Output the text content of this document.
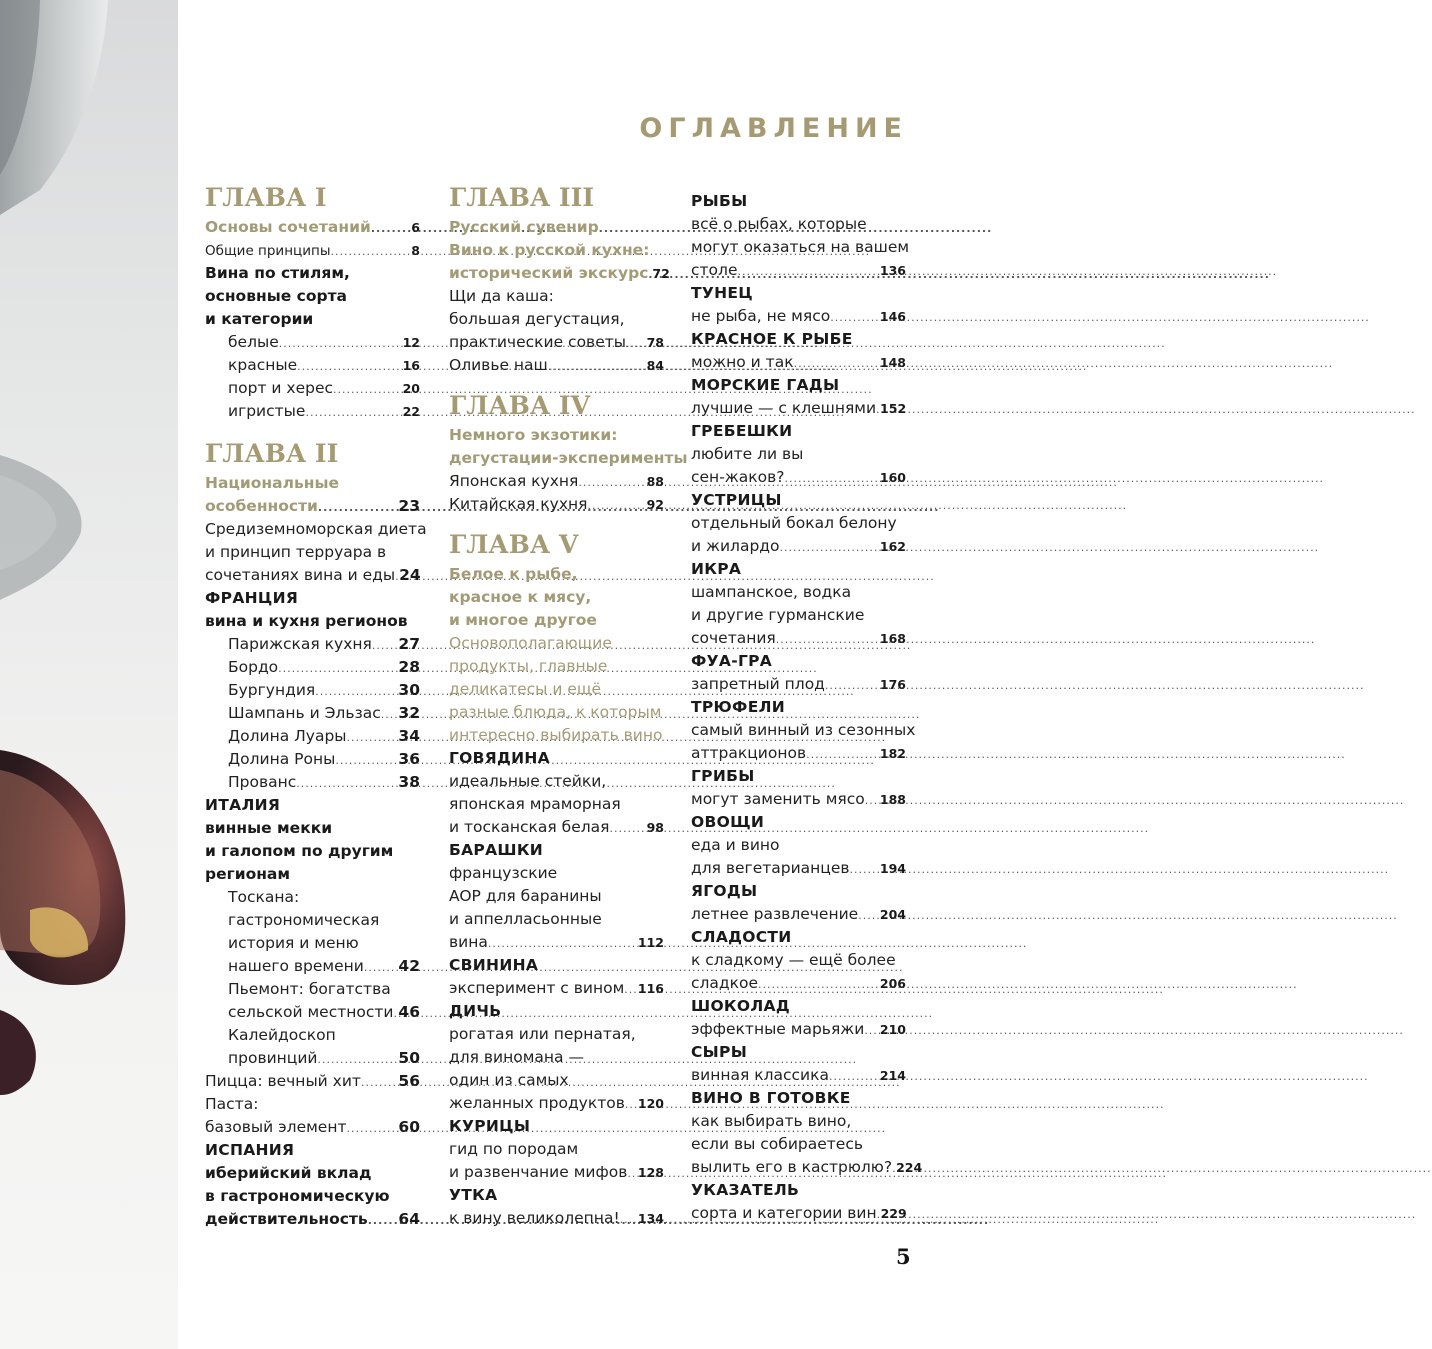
ОГЛАВЛЕНИЕ
ГЛАВА I
Основы сочетаний .....	6
Общие принципы .....	8
Вина по стилям,
основные сорта
и категории
белые .....	12
красные .....	16
порт и херес .....	20
игристые .....	22
ГЛАВА II
Национальные
особенности .....	23
Средиземноморская диета
и принцип терруара в
сочетаниях вина и еды ..... 24
ФРАНЦИЯ
вина и кухня регионов
Парижская кухня ..... 27
Бордо .....	28
Бургундия .....	30
Шампань и Эльзас ..... 32
Долина Луары .....	34
Долина Роны .....	36
Прованс .....	38
ИТАЛИЯ
винные мекки
и галопом по другим
регионам
Тоскана:
гастрономическая
история и меню
нашего времени ..... 42
Пьемонт: богатства
сельской местности ..... 46
Калейдоскоп
провинций .....	50
Пицца: вечный хит ..... 56
Паста:
базовый элемент .....	60
ИСПАНИЯ
иберийский вклад
в гастрономическую
действительность ..... 64
ГЛАВА III
Русский сувенир
Вино к русской кухне:
исторический экскурс ..... 72
Щи да каша:
большая дегустация,
практические советы ..... 78
Оливье наш .....	84
ГЛАВА IV
Немного экзотики:
дегустации-эксперименты
Японская кухня .....	88
Китайская кухня .....	92
ГЛАВА V
Белое к рыбе,
красное к мясу,
и многое другое
Основополагающие
продукты, главные
деликатесы и ещё
разные блюда, к которым
интересно выбирать вино
ГОВЯДИНА
идеальные стейки,
японская мраморная
и тосканская белая .....	98
БАРАШКИ
французские
AOP для баранины
и аппелласьонные
вина .....	112
СВИНИНА
эксперимент с вином ..... 116
ДИЧЬ
рогатая или пернатая,
для виномана —
один из самых
желанных продуктов ..... 120
КУРИЦЫ
гид по породам
и развенчание мифов ..... 128
УТКА
к вину великолепна! ..... 134
РЫБЫ
всё о рыбах, которые
могут оказаться на вашем
столе .....	136
ТУНЕЦ
не рыба, не мясо .....	146
КРАСНОЕ К РЫБЕ
можно и так .....	148
МОРСКИЕ ГАДЫ
лучшие — с клешнями ..... 152
ГРЕБЕШКИ
любите ли вы
сен-жаков? .....	160
УСТРИЦЫ
отдельный бокал белону
и жилардо .....	162
ИКРА
шампанское, водка
и другие гурманские
сочетания .....	168
ФУА-ГРА
запретный плод .....	176
ТРЮФЕЛИ
самый винный из сезонных
аттракционов .....	182
ГРИБЫ
могут заменить мясо ..... 188
ОВОЩИ
еда и вино
для вегетарианцев ..... 194
ЯГОДЫ
летнее развлечение ..... 204
СЛАДОСТИ
к сладкому — ещё более
сладкое .....	206
ШОКОЛАД
эффектные марьяжи ..... 210
СЫРЫ
винная классика .....	214
ВИНО В ГОТОВКЕ
как выбирать вино,
если вы собираетесь
вылить его в кастрюлю? ..... 224
УКАЗАТЕЛЬ
сорта и категории вин ..... 229
5
